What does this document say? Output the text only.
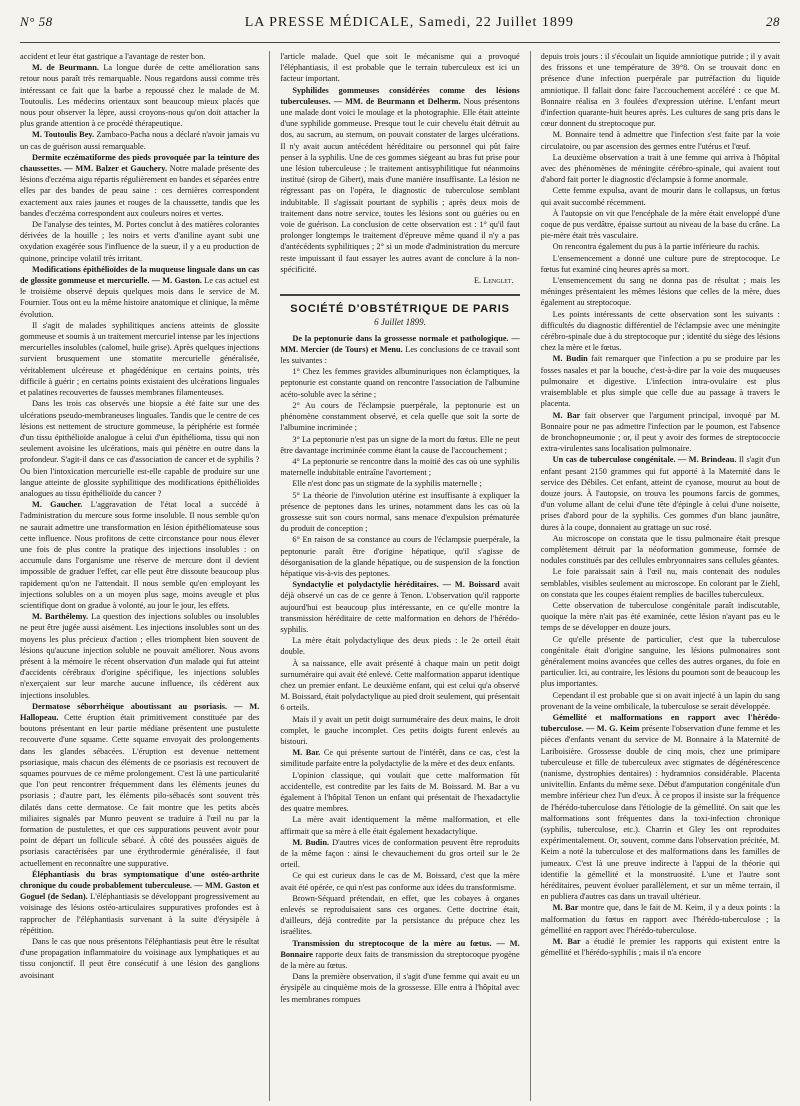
N° 58	LA PRESSE MÉDICALE, Samedi, 22 Juillet 1899	28

accident et leur état gastrique a l'avantage de rester bon.

M. de Beurmann. La longue durée de cette amélioration sans retour nous paraît très remarquable. Nous regardons aussi comme très intéressant ce fait que la barbe a repoussé chez le malade de M. Toutoulis. Les médecins orientaux sont beaucoup mieux placés que nous pour observer la lèpre, aussi croyons-nous qu'on doit attacher la plus grande attention à ce procédé thérapeutique.

M. Toutoulis Bey. Zambaco-Pacha nous a déclaré n'avoir jamais vu un cas de guérison aussi remarquable.

Dermite eczématiforme des pieds provoquée par la teinture des chaussettes. — MM. Balzer et Gauchery. Notre malade présente des lésions d'eczéma aigu répartis régulièrement en bandes et séparées entre elles par des bandes de peau saine : ces dernières correspondent exactement aux raies jaunes et rouges de la chaussette, tandis que les bandes d'eczéma correspondent aux couleurs noires et vertes.

De l'analyse des teintes, M. Portes conclut à des matières colorantes dérivées de la houille ; les noirs et verts d'aniline ayant subi une oxydation exagérée sous l'influence de la sueur, il y a eu production de quinone, principe volatil très irritant.

Modifications épithélioïdes de la muqueuse linguale dans un cas de glossite gommeuse et mercurielle. — M. Gaston. Le cas actuel est le troisième observé depuis quelques mois dans le service de M. Fournier. Tous ont eu la même histoire anatomique et clinique, la même évolution.

Il s'agit de malades syphilitiques anciens atteints de glossite gommeuse et soumis à un traitement mercuriel intense par les injections mercurielles insolubles (calomel, huile grise). Après quelques injections survient brusquement une stomatite mercurielle généralisée, véritablement ulcéreuse et phagédénique en certains points, très difficile à guérir ; en certains points existaient des ulcérations linguales et palatines recouvertes de fausses membranes filamenteuses.

Dans les trois cas observés une biopsie a été faite sur une des ulcérations pseudo-membraneuses linguales. Tandis que le centre de ces lésions est nettement de structure gommeuse, la périphérie est formée d'un tissu épithélioïde analogue à celui d'un épithélioma, tissu qui non seulement avoisine les ulcérations, mais qui pénètre en outre dans la profondeur. S'agit-il dans ce cas d'association de cancer et de syphilis ? Ou bien l'intoxication mercurielle est-elle capable de produire sur une langue atteinte de glossite syphilitique des modifications épithélioïdes analogues au tissu épithélioïde du cancer ?

M. Gaucher. L'aggravation de l'état local a succédé à l'administration du mercure sous forme insoluble. Il nous semble qu'on ne saurait admettre une transformation en lésion épithéliomateuse sous cette influence. Nous profitons de cette circonstance pour nous élever une fois de plus contre la pratique des injections insolubles : on accumule dans l'organisme une réserve de mercure dont il devient impossible de graduer l'effet, car elle peut être dissoute beaucoup plus rapidement qu'on ne l'attendait. Il nous semble qu'en employant les injections solubles on a un moyen plus sage, moins aveugle et plus scientifique dont on gradue à volonté, au jour le jour, les effets.

M. Barthélemy. La question des injections solubles ou insolubles ne peut être jugée aussi aisément. Les injections insolubles sont un des moyens les plus précieux d'action ; elles triomphent bien souvent de lésions qu'aucune injection soluble ne pouvait améliorer. Nous avons présent à la mémoire le récent observation d'un malade qui fut atteint d'accidents cérébraux d'origine spécifique, les injections solubles n'exerçaient sur leur marche aucune influence, ils cédèrent aux injections insolubles.

Dermatose séborrhéique aboutissant au psoriasis. — M. Hallopeau. Cette éruption était primitivement constituée par des boutons présentant en leur partie médiane présentent une pustulette recouverte d'une squame. Cette squame envoyait des prolongements dans les glandes sébacées. L'éruption est devenue nettement psoriasique, mais chacun des éléments de ce psoriasis est recouvert de squames pourvues de ce même prolongement. C'est là une particularité que l'on peut rencontrer fréquemment dans les éléments jeunes du psoriasis ; d'autre part, les éléments pilo-sébacés sont souvent très dilatés dans cette dermatose. Ce fait montre que les petits abcès miliaires signalés par Munro peuvent se traduire à l'œil nu par la formation de pustulettes, et que ces suppurations peuvent avoir pour point de départ un follicule sébacé. À côté des poussées aiguës de psoriasis caractérisées par une érythrodermie généralisée, il faut actuellement en reconnaître une suppurative.

Éléphantiasis du bras symptomatique d'une ostéo-arthrite chronique du coude probablement tuberculeuse. — MM. Gaston et Goguel (de Sedan). L'éléphantiasis se développant progressivement au voisinage des lésions ostéo-articulaires suppuratives profondes est à rapprocher de l'éléphantiasis survenant à la suite d'érysipèle à répétition.

Dans le cas que nous présentons l'éléphantiasis peut être le résultat d'une propagation inflammatoire du voisinage aux lymphatiques et au tissu conjonctif. Il peut être consécutif à une lésion des ganglions avoisinant

l'article malade. Quel que soit le mécanisme qui a provoqué l'éléphantiasis, il est probable que le terrain tuberculeux est ici un facteur important.

Syphilides gommeuses considérées comme des lésions tuberculeuses. — MM. de Beurmann et Delherm. Nous présentons une malade dont voici le moulage et la photographie. Elle était atteinte d'une syphilide gommeuse. Presque tout le cuir chevelu était détruit au dos, au sacrum, au sternum, on pouvait constater de larges ulcérations. Il n'y avait aucun antécédent héréditaire ou personnel qui pût faire penser à la syphilis. Une de ces gommes siégeant au bras fut prise pour une lésion tuberculeuse ; le traitement antisyphilitique fut néanmoins institué (sirop de Gibert), mais d'une manière insuffisante. La lésion ne régressant pas on l'opéra, le diagnostic de tuberculose semblant indubitable. Il s'agissait pourtant de syphilis ; après deux mois de traitement dans notre service, toutes les lésions sont ou guéries ou en voie de guérison. La conclusion de cette observation est : 1° qu'il faut prolonger longtemps le traitement d'épreuve même quand il n'y a pas d'antécédents syphilitiques ; 2° si un mode d'administration du mercure reste impuissant il faut essayer les autres avant de conclure à la non-spécificité.

E. Lenglet.
SOCIÉTÉ D'OBSTÉTRIQUE DE PARIS
6 Juillet 1899.

De la peptonurie dans la grossesse normale et pathologique. — MM. Mercier (de Tours) et Menu. Les conclusions de ce travail sont les suivantes :

1° Chez les femmes gravides albuminuriques non éclamptiques, la peptonurie est constante quand on rencontre l'association de l'albumine acéto-soluble avec la sérine ;

2° Au cours de l'éclampsie puerpérale, la peptonurie est un phénomène constamment observé, et cela quelle que soit la sorte de l'albumine incriminée ;

3° La peptonurie n'est pas un signe de la mort du fœtus. Elle ne peut être davantage incriminée comme étant la cause de l'accouchement ;

4° La peptonurie se rencontre dans la moitié des cas où une syphilis maternelle indubitable entraîne l'avortement ;

Elle n'est donc pas un stigmate de la syphilis maternelle ;

5° La théorie de l'involution utérine est insuffisante à expliquer la présence de peptones dans les urines, notamment dans les cas où la grossesse suit son cours normal, sans menace d'expulsion prématurée du produit de conception ;

6° En raison de sa constance au cours de l'éclampsie puerpérale, la peptonurie paraît être d'origine hépatique, qu'il s'agisse de désorganisation de la glande hépatique, ou de suspension de la fonction hépatique vis-à-vis des peptones.

Syndactylie et polydactylie héréditaires. — M. Boissard avait déjà observé un cas de ce genre à Tenon. L'observation qu'il rapporte aujourd'hui est beaucoup plus intéressante, en ce qu'elle montre la transmission héréditaire de cette malformation en dehors de l'hérédo-syphilis.

La mère était polydactylique des deux pieds : le 2e orteil était double.

À sa naissance, elle avait présenté à chaque main un petit doigt surnuméraire qui avait été enlevé. Cette malformation apparut identique chez un premier enfant. Le deuxième enfant, qui est celui qu'a observé M. Boissard, était polydactylique au pied droit seulement, qui présentait 6 orteils.

Mais il y avait un petit doigt surnuméraire des deux mains, le droit complet, le gauche incomplet. Ces petits doigts furent enlevés au bistouri.

M. Bar. Ce qui présente surtout de l'intérêt, dans ce cas, c'est la similitude parfaite entre la polydactylie de la mère et des deux enfants.

L'opinion classique, qui voulait que cette malformation fût accidentelle, est contredite par les faits de M. Boissard. M. Bar a vu également à l'hôpital Tenon un enfant qui présentait de l'hexadactylie des quatre membres.

La mère avait identiquement la même malformation, et elle affirmait que sa mère à elle était également hexadactylique.

M. Budin. D'autres vices de conformation peuvent être reproduits de la même façon : ainsi le chevauchement du gros orteil sur le 2e orteil.

Ce qui est curieux dans le cas de M. Boissard, c'est que la mère avait été opérée, ce qui n'est pas conforme aux idées du transformisme.

Brown-Séquard prétendait, en effet, que les cobayes à organes enlevés se reproduisaient sans ces organes. Cette doctrine était, d'ailleurs, déjà contredite par la persistance du prépuce chez les israélites.

Transmission du streptocoque de la mère au fœtus. — M. Bonnaire rapporte deux faits de transmission du streptocoque pyogène de la mère au fœtus.

Dans la première observation, il s'agit d'une femme qui avait eu un érysipèle au cinquième mois de la grossesse. Elle entra à l'hôpital avec les membranes rompues

depuis trois jours : il s'écoulait un liquide amniotique putride ; il y avait des frissons et une température de 39°8. On se trouvait donc en présence d'une infection puerpérale par putréfaction du liquide amniotique. Il fallait donc faire l'accouchement accéléré : ce que M. Bonnaire réalisa en 3 foulées d'expression utérine. L'enfant meurt d'infection quarante-huit heures après. Les cultures de sang pris dans le cœur donnent du streptocoque pur.

M. Bonnaire tend à admettre que l'infection s'est faite par la voie circulatoire, ou par ascension des germes entre l'utérus et l'œuf.

La deuxième observation a trait à une femme qui arriva à l'hôpital avec des phénomènes de méningite cérébro-spinale, qui avaient tout d'abord fait porter le diagnostic d'éclampsie à forme anormale.

Cette femme expulsa, avant de mourir dans le collapsus, un fœtus qui avait succombé récemment.

À l'autopsie on vit que l'encéphale de la mère était enveloppé d'une coque de pus verdâtre, épaisse surtout au niveau de la base du crâne. La pie-mère était très vasculaire.

On rencontra également du pus à la partie inférieure du rachis.

L'ensemencement a donné une culture pure de streptocoque. Le fœtus fut examiné cinq heures après sa mort.

L'ensemencement du sang ne donna pas de résultat ; mais les méninges présentaient les mêmes lésions que celles de la mère, dues également au streptocoque.

Les points intéressants de cette observation sont les suivants : difficultés du diagnostic différentiel de l'éclampsie avec une méningite cérébro-spinale due à du streptocoque pur ; identité du siège des lésions chez la mère et le fœtus.

M. Budin fait remarquer que l'infection a pu se produire par les fosses nasales et par la bouche, c'est-à-dire par la voie des muqueuses pulmonaire et digestive. L'infection intra-ovulaire est plus vraisemblable et plus simple que celle due au passage à travers le placenta.

M. Bar fait observer que l'argument principal, invoqué par M. Bonnaire pour ne pas admettre l'infection par le poumon, est l'absence de bronchopneumonie ; or, il peut y avoir des formes de streptococcie extra-virulentes sans localisation pulmonaire.

Un cas de tuberculose congénitale. — M. Brindeau. Il s'agit d'un enfant pesant 2150 grammes qui fut apporté à la Maternité dans le service des Débiles. Cet enfant, atteint de cyanose, mourut au bout de douze jours. À l'autopsie, on trouva les poumons farcis de gommes, d'un volume allant de celui d'une tête d'épingle à celui d'une noisette, prises d'abord pour de la syphilis. Ces gommes d'un blanc jaunâtre, dures à la coupe, donnaient au grattage un suc rosé.

Au microscope on constata que le tissu pulmonaire était presque complètement détruit par la néoformation gommeuse, formée de nodules constitués par des cellules embryonnaires sans cellules géantes.

Le foie paraissait sain à l'œil nu, mais contenait des nodules semblables, visibles seulement au microscope. En colorant par le Ziehl, on constata que les coupes étaient remplies de bacilles tuberculeux.

Cette observation de tuberculose congénitale paraît indiscutable, quoique la mère n'ait pas été examinée, cette lésion n'ayant pas eu le temps de se développer en douze jours.

Ce qu'elle présente de particulier, c'est que la tuberculose congénitale était d'origine sanguine, les lésions pulmonaires sont généralement moins avancées que celles des autres organes, du foie en particulier. Ici, au contraire, les lésions du poumon sont de beaucoup les plus importantes.

Cependant il est probable que si on avait injecté à un lapin du sang provenant de la veine ombilicale, la tuberculose se serait développée.

Gémellité et malformations en rapport avec l'hérédo-tuberculose. — M. G. Keim présente l'observation d'une femme et les pièces d'enfants venant du service de M. Bonnaire à la Maternité de Lariboisière. Grossesse double de cinq mois, chez une primipare tuberculeuse et fille de tuberculeux avec stigmates de dégénérescence (nanisme, dystrophies dentaires) : hydramnios considérable. Placenta univitellin. Enfants du même sexe. Début d'amputation congénitale d'un membre inférieur chez l'un d'eux. À ce propos il insiste sur la fréquence de l'hérédo-tuberculose dans l'étiologie de la gémellité. On sait que les malformations sont fréquentes dans la toxi-infection chronique (syphilis, tuberculose, etc.). Charrin et Gley les ont reproduites expérimentalement. Or, souvent, comme dans l'observation précitée, M. Keim a noté la tuberculose et des malformations dans les familles de jumeaux. C'est là une preuve indirecte à l'appui de la théorie qui identifie la gémellité et la monstruosité. L'une et l'autre sont héréditaires, peuvent évoluer parallèlement, et sur un même terrain, il en publiera d'autres cas dans un travail ultérieur.

M. Bar montre que, dans le fait de M. Keim, il y a deux points : la malformation du fœtus en rapport avec l'hérédo-tuberculose ; la gémellité en rapport avec l'hérédo-tuberculose.

M. Bar a étudié le premier les rapports qui existent entre la gémellité et l'hérédo-syphilis ; mais il n'a encore
